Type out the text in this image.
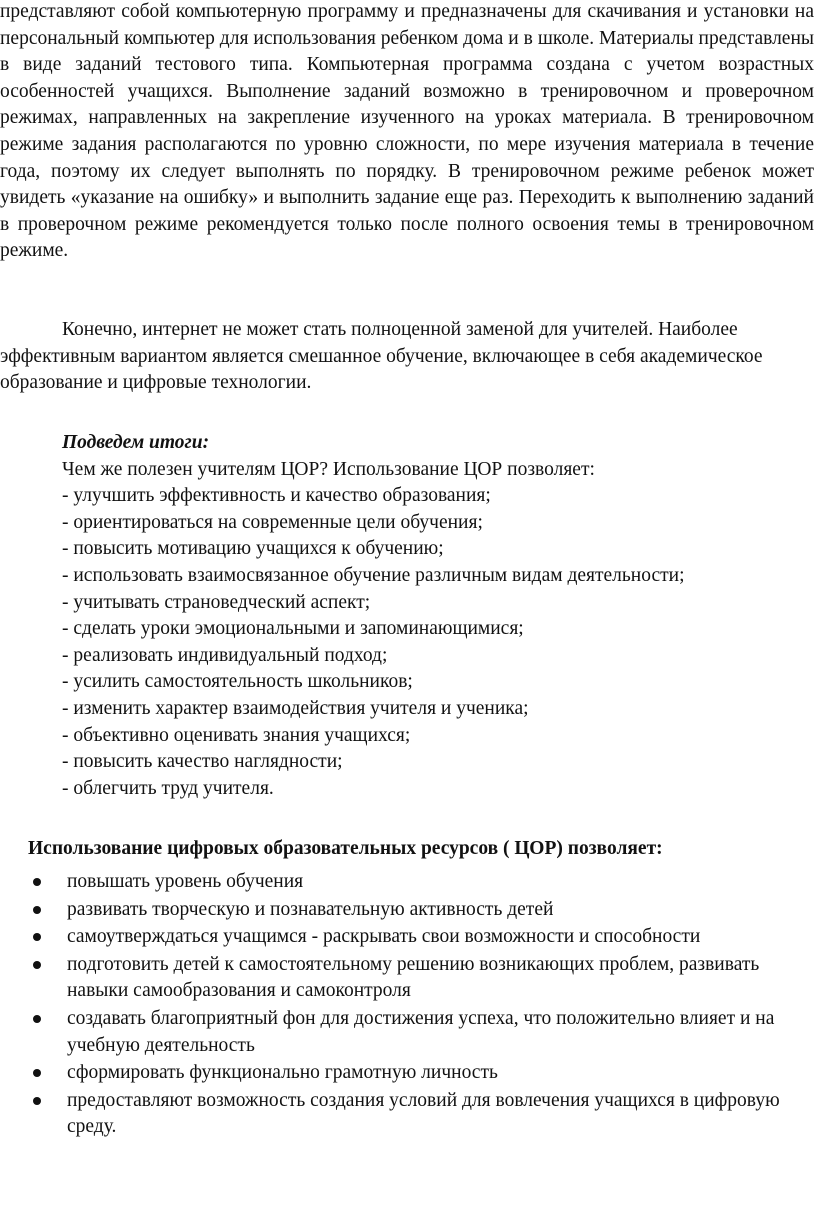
представляют собой компьютерную программу и предназначены для скачивания и установки на персональный компьютер для использования ребенком дома и в школе. Материалы представлены в виде заданий тестового типа. Компьютерная программа создана с учетом возрастных особенностей учащихся. Выполнение заданий возможно в тренировочном и проверочном режимах, направленных на закрепление изученного на уроках материала. В тренировочном режиме задания располагаются по уровню сложности, по мере изучения материала в течение года, поэтому их следует выполнять по порядку. В тренировочном режиме ребенок может увидеть «указание на ошибку» и выполнить задание еще раз. Переходить к выполнению заданий в проверочном режиме рекомендуется только после полного освоения темы в тренировочном режиме.

Конечно, интернет не может стать полноценной заменой для учителей. Наиболее эффективным вариантом является смешанное обучение, включающее в себя академическое образование и цифровые технологии.

Подведем итоги:

Чем же полезен учителям ЦОР? Использование ЦОР позволяет:

- улучшить эффективность и качество образования;

- ориентироваться на современные цели обучения;

- повысить мотивацию учащихся к обучению;

- использовать взаимосвязанное обучение различным видам деятельности;

- учитывать страноведческий аспект;

- сделать уроки эмоциональными и запоминающимися;

- реализовать индивидуальный подход;

- усилить самостоятельность школьников;

- изменить характер взаимодействия учителя и ученика;

- объективно оценивать знания учащихся;

- повысить качество наглядности;

- облегчить труд учителя.

Использование цифровых образовательных ресурсов ( ЦОР) позволяет:

повышать уровень обучения
развивать творческую и познавательную активность детей
самоутверждаться учащимся - раскрывать свои возможности и способности
подготовить детей к самостоятельному решению возникающих проблем, развивать навыки самообразования и самоконтроля
создавать благоприятный фон для достижения успеха, что положительно влияет и на учебную деятельность
сформировать функционально грамотную личность
предоставляют возможность создания условий для вовлечения учащихся в цифровую среду.
